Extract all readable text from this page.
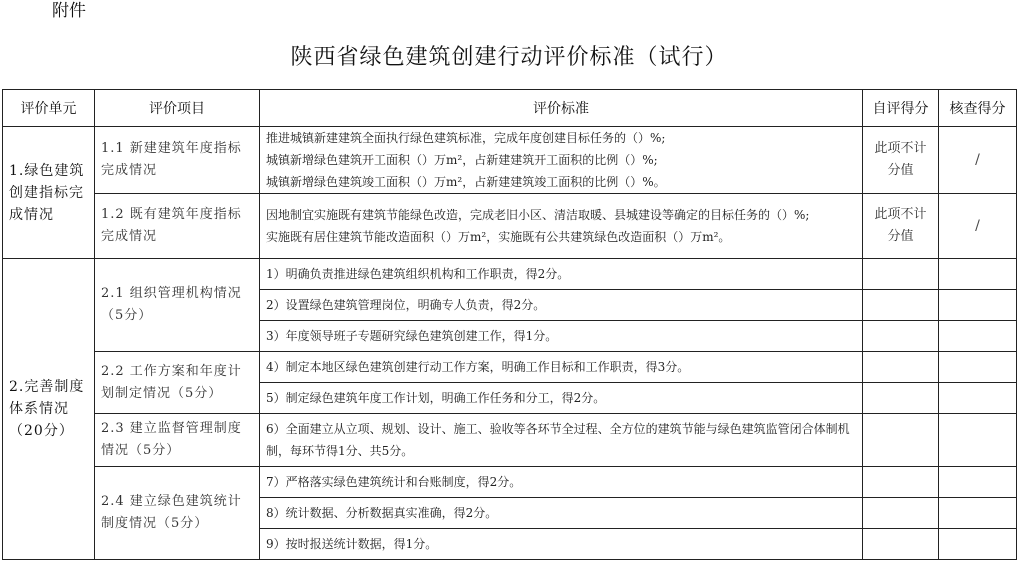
附件
陕西省绿色建筑创建行动评价标准（试行）
评价单元	评价项目	评价标准	自评得分	核查得分
1.绿色建筑创建指标完成情况	1.1 新建建筑年度指标完成情况	推进城镇新建建筑全面执行绿色建筑标准，完成年度创建目标任务的（）%;
城镇新增绿色建筑开工面积（）万m²，占新建建筑开工面积的比例（）%;
城镇新增绿色建筑竣工面积（）万m²，占新建建筑竣工面积的比例（）%。	此项不计分值	/
	1.2 既有建筑年度指标完成情况	因地制宜实施既有建筑节能绿色改造，完成老旧小区、清洁取暖、县城建设等确定的目标任务的（）%;
实施既有居住建筑节能改造面积（）万m²，实施既有公共建筑绿色改造面积（）万m²。	此项不计分值	/
2.完善制度体系情况（20分）	2.1 组织管理机构情况（5分）	1）明确负责推进绿色建筑组织机构和工作职责，得2分。		
		2）设置绿色建筑管理岗位，明确专人负责，得2分。		
		3）年度领导班子专题研究绿色建筑创建工作，得1分。		
	2.2 工作方案和年度计划制定情况（5分）	4）制定本地区绿色建筑创建行动工作方案，明确工作目标和工作职责，得3分。		
		5）制定绿色建筑年度工作计划，明确工作任务和分工，得2分。		
	2.3 建立监督管理制度情况（5分）	6）全面建立从立项、规划、设计、施工、验收等各环节全过程、全方位的建筑节能与绿色建筑监管闭合体制机制，每环节得1分、共5分。		
	2.4 建立绿色建筑统计制度情况（5分）	7）严格落实绿色建筑统计和台账制度，得2分。		
		8）统计数据、分析数据真实准确，得2分。		
		9）按时报送统计数据，得1分。		
